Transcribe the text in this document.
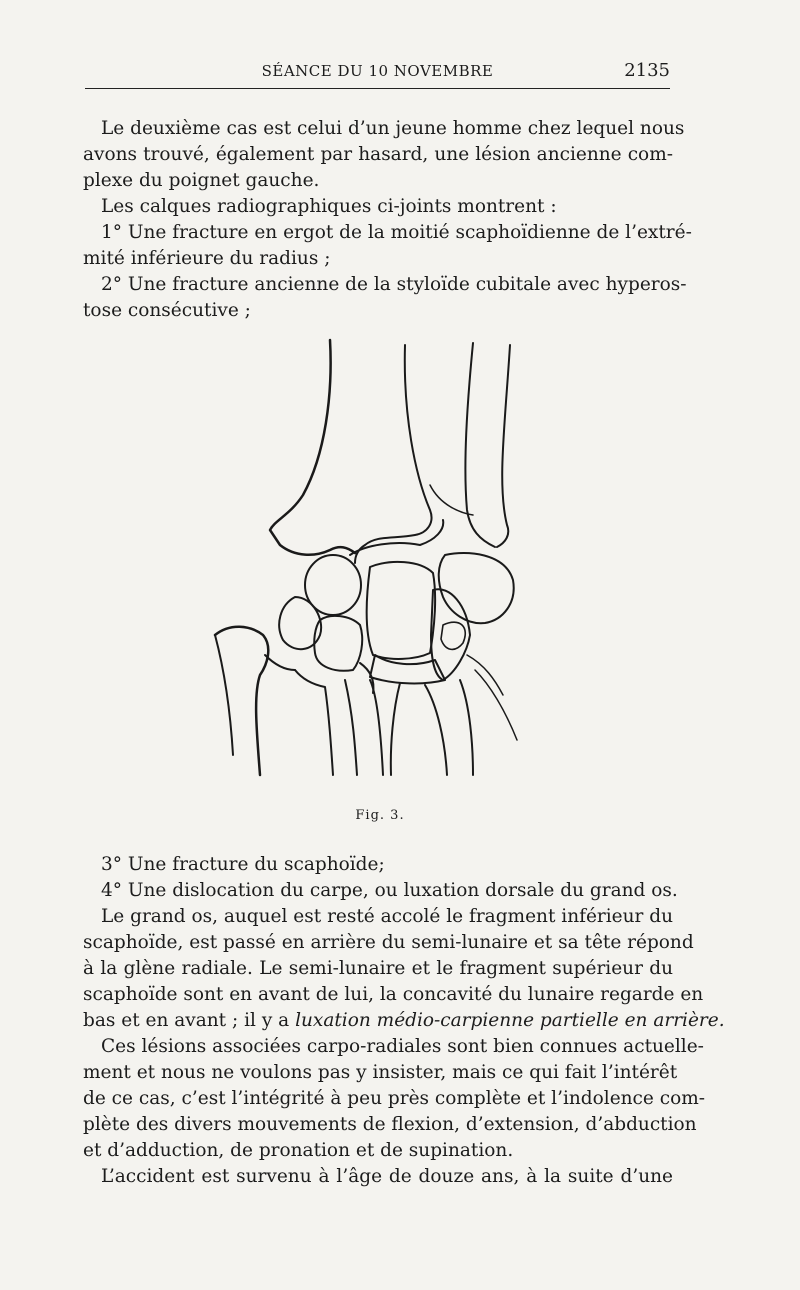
SÉANCE DU 10 NOVEMBRE	2135
Le deuxième cas est celui d’un jeune homme chez lequel nous
avons trouvé, également par hasard, une lésion ancienne com-
plexe du poignet gauche.
Les calques radiographiques ci-joints montrent :
1° Une fracture en ergot de la moitié scaphoïdienne de l’extré-
mité inférieure du radius ;
2° Une fracture ancienne de la styloïde cubitale avec hyperos-
tose consécutive ;
Fig. 3.
3° Une fracture du scaphoïde;
4° Une dislocation du carpe, ou luxation dorsale du grand os.
Le grand os, auquel est resté accolé le fragment inférieur du
scaphoïde, est passé en arrière du semi-lunaire et sa tête répond
à la glène radiale. Le semi-lunaire et le fragment supérieur du
scaphoïde sont en avant de lui, la concavité du lunaire regarde en
bas et en avant ; il y a luxation médio-carpienne partielle en arrière.
Ces lésions associées carpo-radiales sont bien connues actuelle-
ment et nous ne voulons pas y insister, mais ce qui fait l’intérêt
de ce cas, c’est l’intégrité à peu près complète et l’indolence com-
plète des divers mouvements de flexion, d’extension, d’abduction
et d’adduction, de pronation et de supination.
L’accident est survenu à l’âge de douze ans, à la suite d’une
